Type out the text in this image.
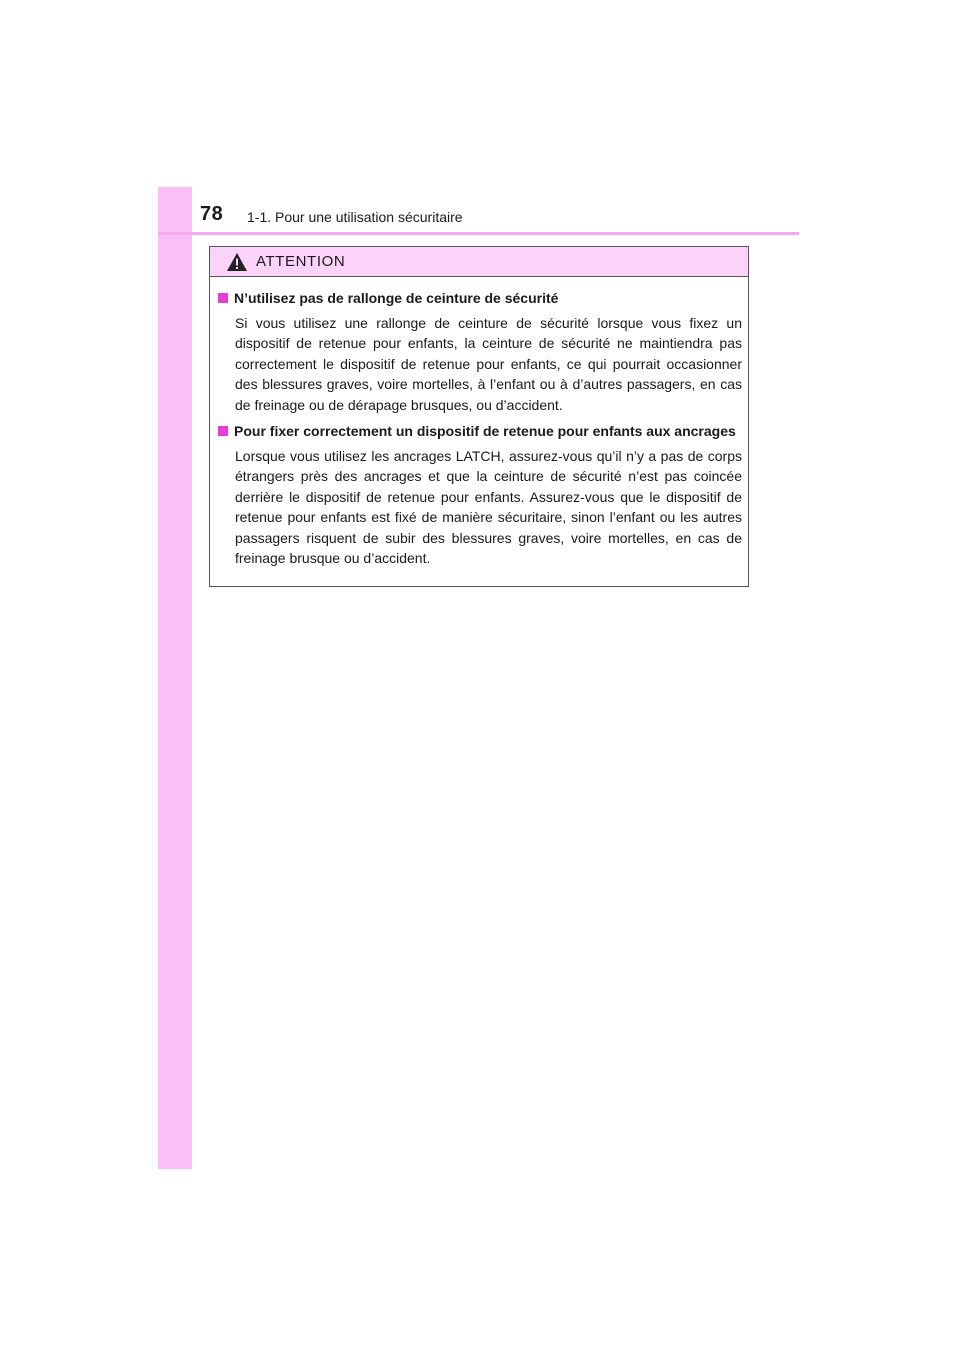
78 1-1. Pour une utilisation sécuritaire
ATTENTION
N’utilisez pas de rallonge de ceinture de sécurité
Si vous utilisez une rallonge de ceinture de sécurité lorsque vous fixez un dispositif de retenue pour enfants, la ceinture de sécurité ne maintiendra pas correctement le dispositif de retenue pour enfants, ce qui pourrait occasionner des blessures graves, voire mortelles, à l’enfant ou à d’autres passagers, en cas de freinage ou de dérapage brusques, ou d’accident.
Pour fixer correctement un dispositif de retenue pour enfants aux ancrages
Lorsque vous utilisez les ancrages LATCH, assurez-vous qu’il n’y a pas de corps étrangers près des ancrages et que la ceinture de sécurité n’est pas coincée derrière le dispositif de retenue pour enfants. Assurez-vous que le dispositif de retenue pour enfants est fixé de manière sécuritaire, sinon l’enfant ou les autres passagers risquent de subir des blessures graves, voire mortelles, en cas de freinage brusque ou d’accident.
